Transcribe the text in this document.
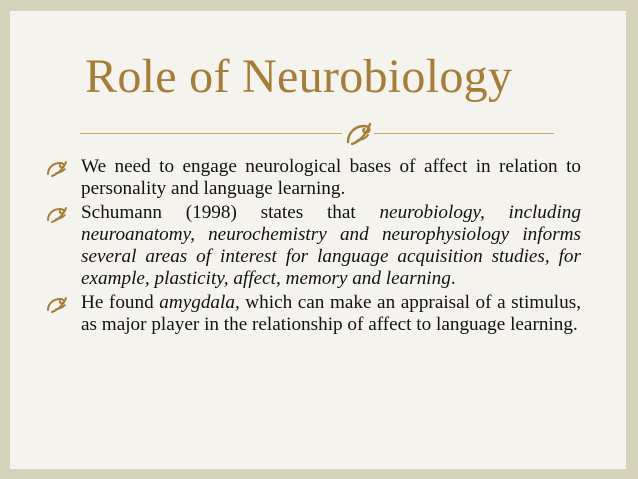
Role of Neurobiology
We need to engage neurological bases of affect in relation to personality and language learning.
Schumann (1998) states that neurobiology, including neuroanatomy, neurochemistry and neurophysiology informs several areas of interest for language acquisition studies, for example, plasticity, affect, memory and learning.
He found amygdala, which can make an appraisal of a stimulus, as major player in the relationship of affect to language learning.
